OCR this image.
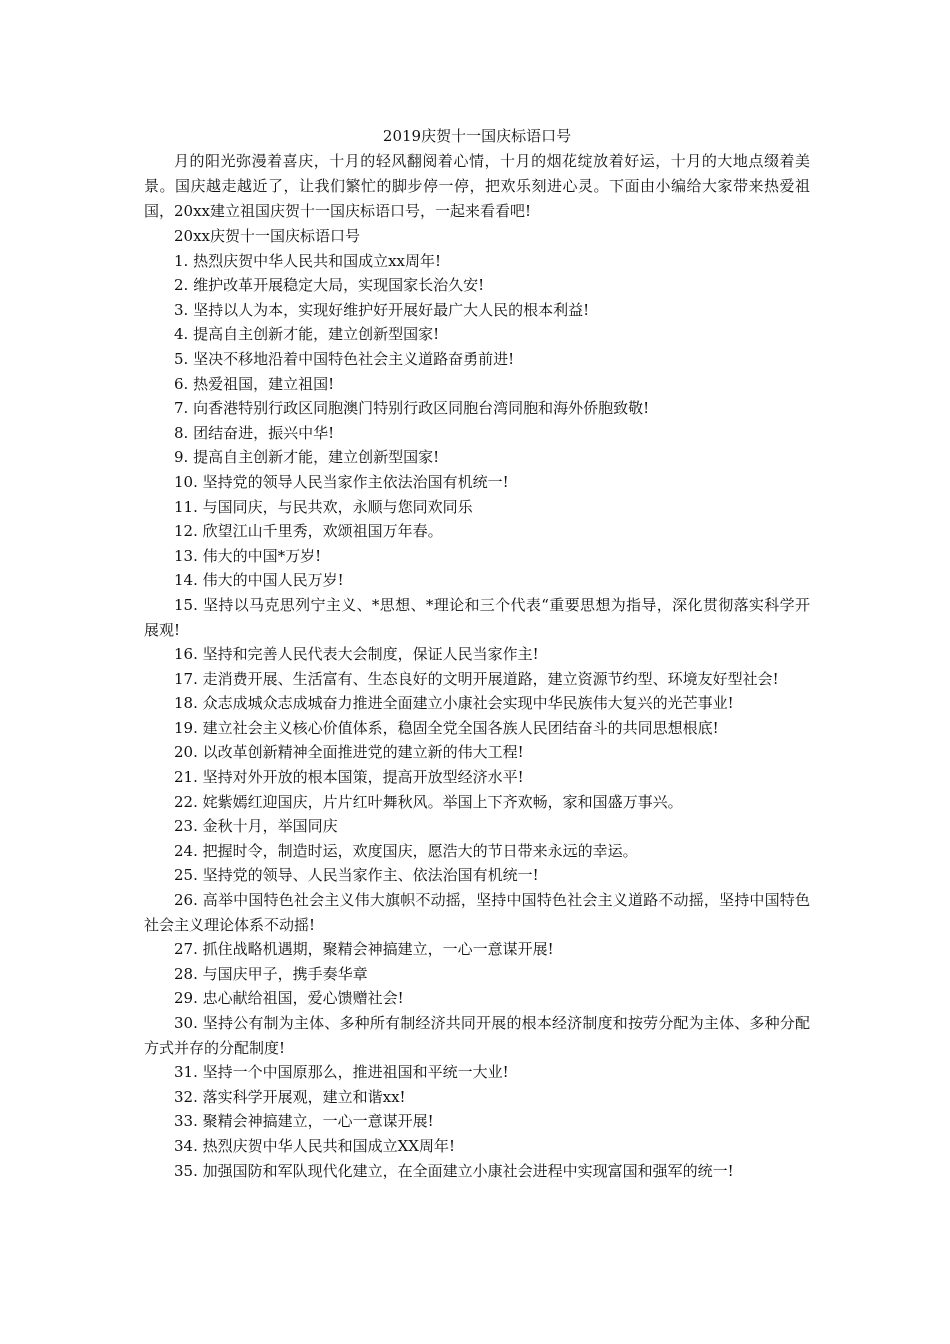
2019庆贺十一国庆标语口号

月的阳光弥漫着喜庆，十月的轻风翻阅着心情，十月的烟花绽放着好运，十月的大地点缀着美景。国庆越走越近了，让我们繁忙的脚步停一停，把欢乐刻进心灵。下面由小编给大家带来热爱祖国，20xx建立祖国庆贺十一国庆标语口号，一起来看看吧!

20xx庆贺十一国庆标语口号

1. 热烈庆贺中华人民共和国成立xx周年!

2. 维护改革开展稳定大局，实现国家长治久安!

3. 坚持以人为本，实现好维护好开展好最广大人民的根本利益!

4. 提高自主创新才能，建立创新型国家!

5. 坚决不移地沿着中国特色社会主义道路奋勇前进!

6. 热爱祖国，建立祖国!

7. 向香港特别行政区同胞澳门特别行政区同胞台湾同胞和海外侨胞致敬!

8. 团结奋进，振兴中华!

9. 提高自主创新才能，建立创新型国家!

10. 坚持党的领导人民当家作主依法治国有机统一!

11. 与国同庆，与民共欢，永顺与您同欢同乐

12. 欣望江山千里秀，欢颂祖国万年春。

13. 伟大的中国*万岁!

14. 伟大的中国人民万岁!

15. 坚持以马克思列宁主义、*思想、*理论和三个代表“重要思想为指导，深化贯彻落实科学开展观!

16. 坚持和完善人民代表大会制度，保证人民当家作主!

17. 走消费开展、生活富有、生态良好的文明开展道路，建立资源节约型、环境友好型社会!

18. 众志成城众志成城奋力推进全面建立小康社会实现中华民族伟大复兴的光芒事业!

19. 建立社会主义核心价值体系，稳固全党全国各族人民团结奋斗的共同思想根底!

20. 以改革创新精神全面推进党的建立新的伟大工程!

21. 坚持对外开放的根本国策，提高开放型经济水平!

22. 姹紫嫣红迎国庆，片片红叶舞秋风。举国上下齐欢畅，家和国盛万事兴。

23. 金秋十月，举国同庆

24. 把握时令，制造时运，欢度国庆，愿浩大的节日带来永远的幸运。

25. 坚持党的领导、人民当家作主、依法治国有机统一!

26. 高举中国特色社会主义伟大旗帜不动摇，坚持中国特色社会主义道路不动摇，坚持中国特色社会主义理论体系不动摇!

27. 抓住战略机遇期，聚精会神搞建立，一心一意谋开展!

28. 与国庆甲子，携手奏华章

29. 忠心献给祖国，爱心馈赠社会!

30. 坚持公有制为主体、多种所有制经济共同开展的根本经济制度和按劳分配为主体、多种分配方式并存的分配制度!

31. 坚持一个中国原那么，推进祖国和平统一大业!

32. 落实科学开展观，建立和谐xx!

33. 聚精会神搞建立，一心一意谋开展!

34. 热烈庆贺中华人民共和国成立XX周年!

35. 加强国防和军队现代化建立，在全面建立小康社会进程中实现富国和强军的统一!
